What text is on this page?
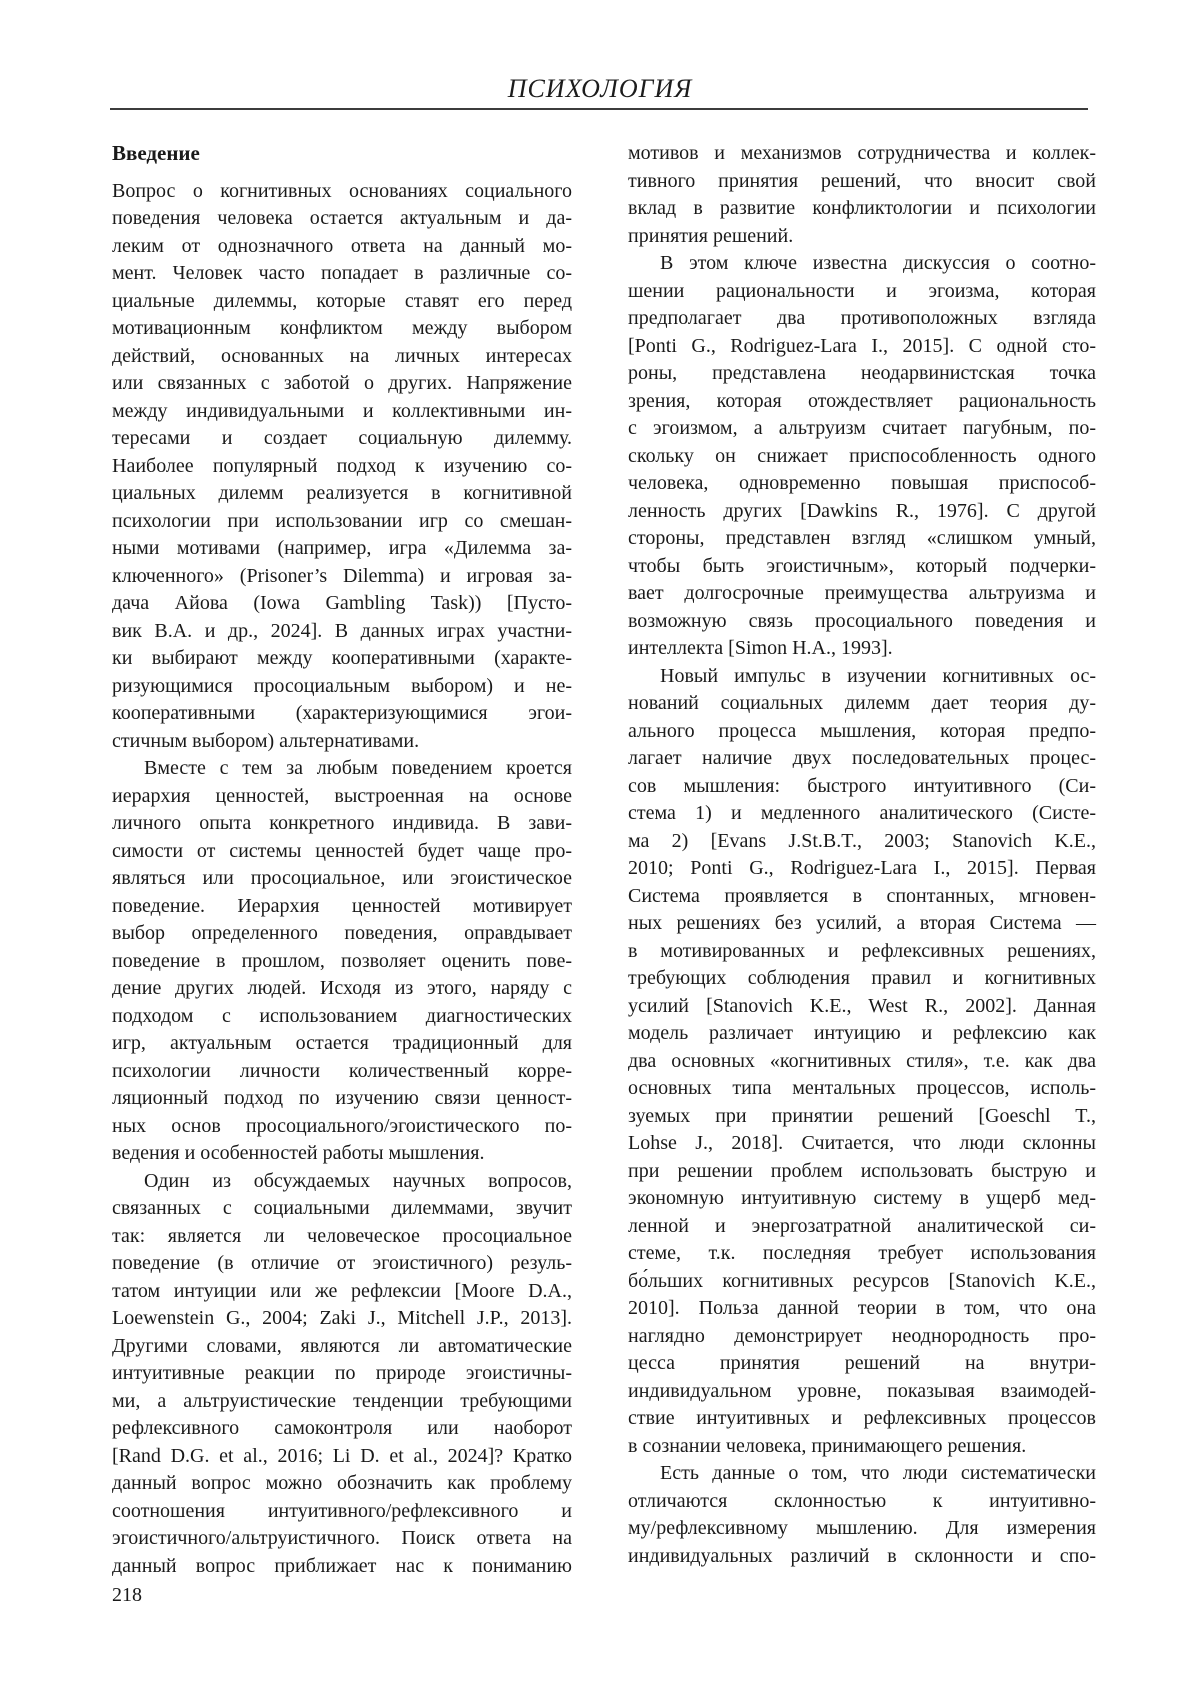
ПСИХОЛОГИЯ
Введение
Вопрос о когнитивных основаниях социального
поведения человека остается актуальным и да-
леким от однозначного ответа на данный мо-
мент. Человек часто попадает в различные со-
циальные дилеммы, которые ставят его перед
мотивационным конфликтом между выбором
действий, основанных на личных интересах
или связанных с заботой о других. Напряжение
между индивидуальными и коллективными ин-
тересами и создает социальную дилемму.
Наиболее популярный подход к изучению со-
циальных дилемм реализуется в когнитивной
психологии при использовании игр со смешан-
ными мотивами (например, игра «Дилемма за-
ключенного» (Prisoner’s Dilemma) и игровая за-
дача Айова (Iowa Gambling Task)) [Пусто-
вик В.А. и др., 2024]. В данных играх участни-
ки выбирают между кооперативными (характе-
ризующимися просоциальным выбором) и не-
кооперативными (характеризующимися эгои-
стичным выбором) альтернативами.
Вместе с тем за любым поведением кроется
иерархия ценностей, выстроенная на основе
личного опыта конкретного индивида. В зави-
симости от системы ценностей будет чаще про-
являться или просоциальное, или эгоистическое
поведение. Иерархия ценностей мотивирует
выбор определенного поведения, оправдывает
поведение в прошлом, позволяет оценить пове-
дение других людей. Исходя из этого, наряду с
подходом с использованием диагностических
игр, актуальным остается традиционный для
психологии личности количественный корре-
ляционный подход по изучению связи ценност-
ных основ просоциального/эгоистического по-
ведения и особенностей работы мышления.
Один из обсуждаемых научных вопросов,
связанных с социальными дилеммами, звучит
так: является ли человеческое просоциальное
поведение (в отличие от эгоистичного) резуль-
татом интуиции или же рефлексии [Moore D.A.,
Loewenstein G., 2004; Zaki J., Mitchell J.P., 2013].
Другими словами, являются ли автоматические
интуитивные реакции по природе эгоистичны-
ми, а альтруистические тенденции требующими
рефлексивного самоконтроля или наоборот
[Rand D.G. et al., 2016; Li D. et al., 2024]? Кратко
данный вопрос можно обозначить как проблему
соотношения интуитивного/рефлексивного и
эгоистичного/альтруистичного. Поиск ответа на
данный вопрос приближает нас к пониманию
мотивов и механизмов сотрудничества и коллек-
тивного принятия решений, что вносит свой
вклад в развитие конфликтологии и психологии
принятия решений.
В этом ключе известна дискуссия о соотно-
шении рациональности и эгоизма, которая
предполагает два противоположных взгляда
[Ponti G., Rodriguez-Lara I., 2015]. С одной сто-
роны, представлена неодарвинистская точка
зрения, которая отождествляет рациональность
с эгоизмом, а альтруизм считает пагубным, по-
скольку он снижает приспособленность одного
человека, одновременно повышая приспособ-
ленность других [Dawkins R., 1976]. С другой
стороны, представлен взгляд «слишком умный,
чтобы быть эгоистичным», который подчерки-
вает долгосрочные преимущества альтруизма и
возможную связь просоциального поведения и
интеллекта [Simon H.A., 1993].
Новый импульс в изучении когнитивных ос-
нований социальных дилемм дает теория ду-
ального процесса мышления, которая предпо-
лагает наличие двух последовательных процес-
сов мышления: быстрого интуитивного (Си-
стема 1) и медленного аналитического (Систе-
ма 2) [Evans J.St.B.T., 2003; Stanovich K.E.,
2010; Ponti G., Rodriguez-Lara I., 2015]. Первая
Система проявляется в спонтанных, мгновен-
ных решениях без усилий, а вторая Система —
в мотивированных и рефлексивных решениях,
требующих соблюдения правил и когнитивных
усилий [Stanovich K.E., West R., 2002]. Данная
модель различает интуицию и рефлексию как
два основных «когнитивных стиля», т.е. как два
основных типа ментальных процессов, исполь-
зуемых при принятии решений [Goeschl T.,
Lohse J., 2018]. Считается, что люди склонны
при решении проблем использовать быструю и
экономную интуитивную систему в ущерб мед-
ленной и энергозатратной аналитической си-
стеме, т.к. последняя требует использования
бо́льших когнитивных ресурсов [Stanovich K.E.,
2010]. Польза данной теории в том, что она
наглядно демонстрирует неоднородность про-
цесса принятия решений на внутри-
индивидуальном уровне, показывая взаимодей-
ствие интуитивных и рефлексивных процессов
в сознании человека, принимающего решения.
Есть данные о том, что люди систематически
отличаются склонностью к интуитивно-
му/рефлексивному мышлению. Для измерения
индивидуальных различий в склонности и спо-
218
